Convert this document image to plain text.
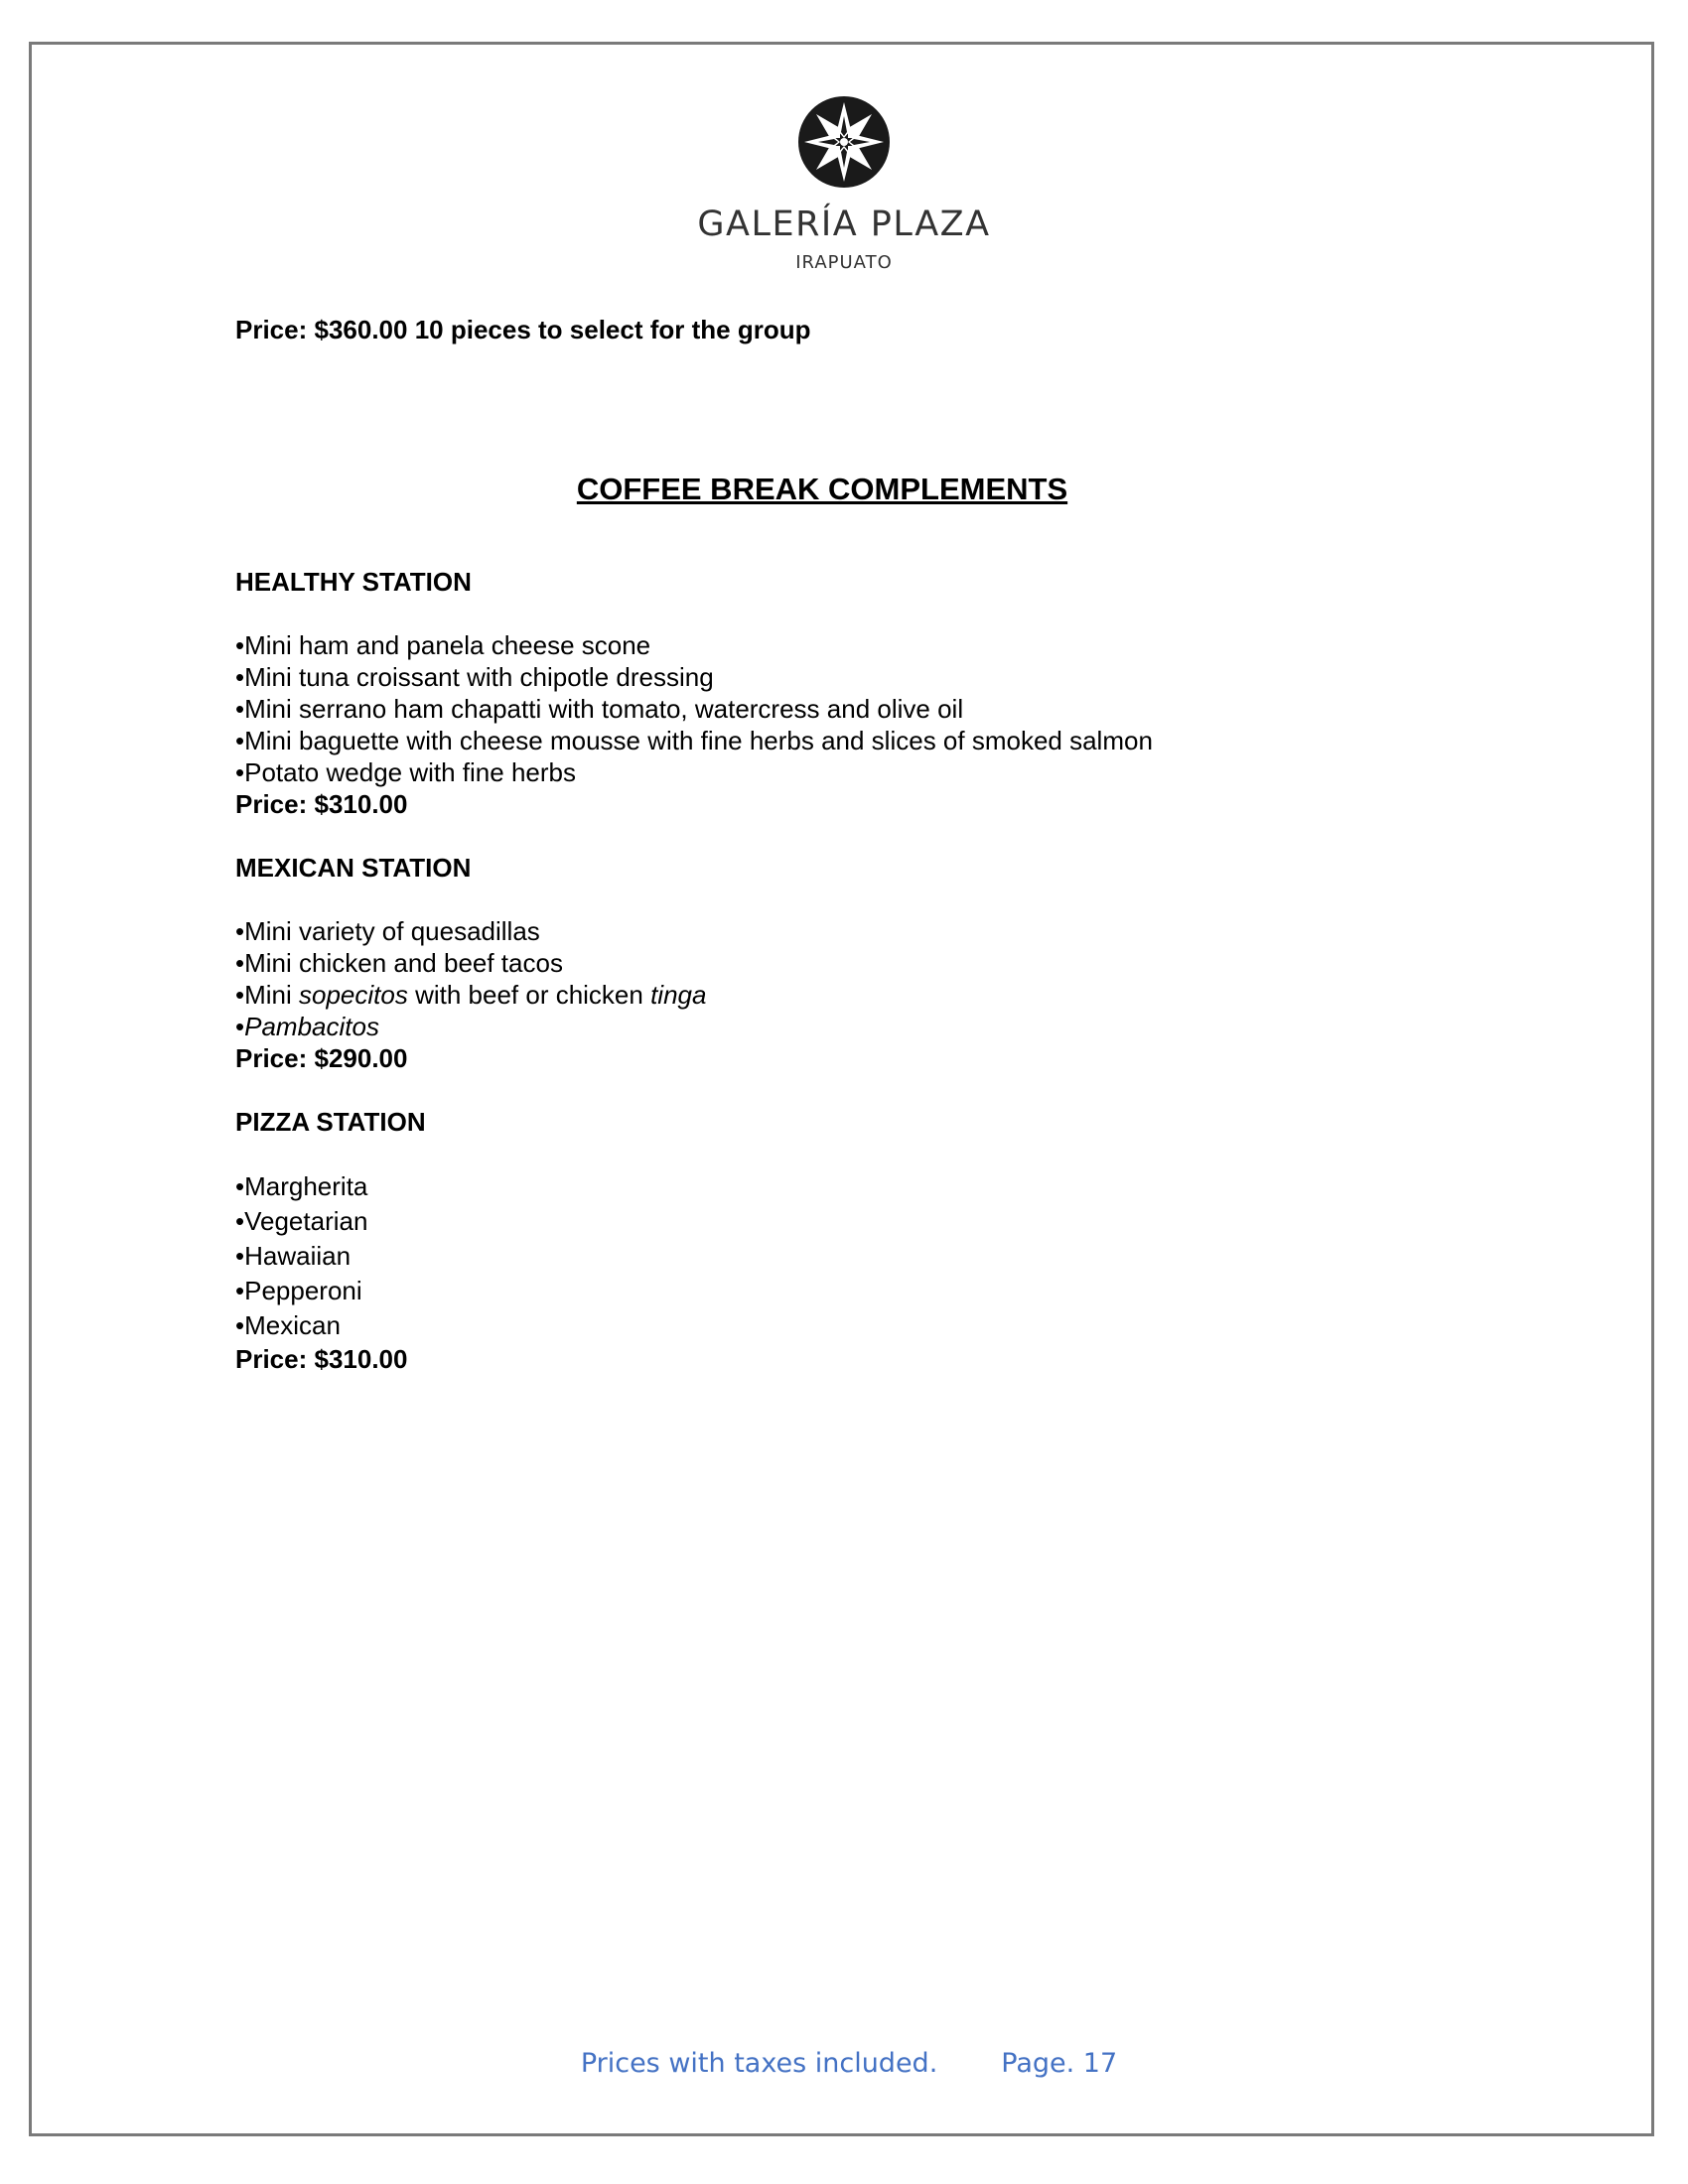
GALERÍA PLAZA
IRAPUATO

Price: $360.00 10 pieces to select for the group

COFFEE BREAK COMPLEMENTS
HEALTHY STATION

•Mini ham and panela cheese scone

•Mini tuna croissant with chipotle dressing

•Mini serrano ham chapatti with tomato, watercress and olive oil

•Mini baguette with cheese mousse with fine herbs and slices of smoked salmon

•Potato wedge with fine herbs

Price: $310.00

MEXICAN STATION

•Mini variety of quesadillas

•Mini chicken and beef tacos

•Mini sopecitos with beef or chicken tinga

•Pambacitos

Price: $290.00

PIZZA STATION

•Margherita

•Vegetarian

•Hawaiian

•Pepperoni

•Mexican

Price: $310.00

Prices with taxes included. Page. 17
